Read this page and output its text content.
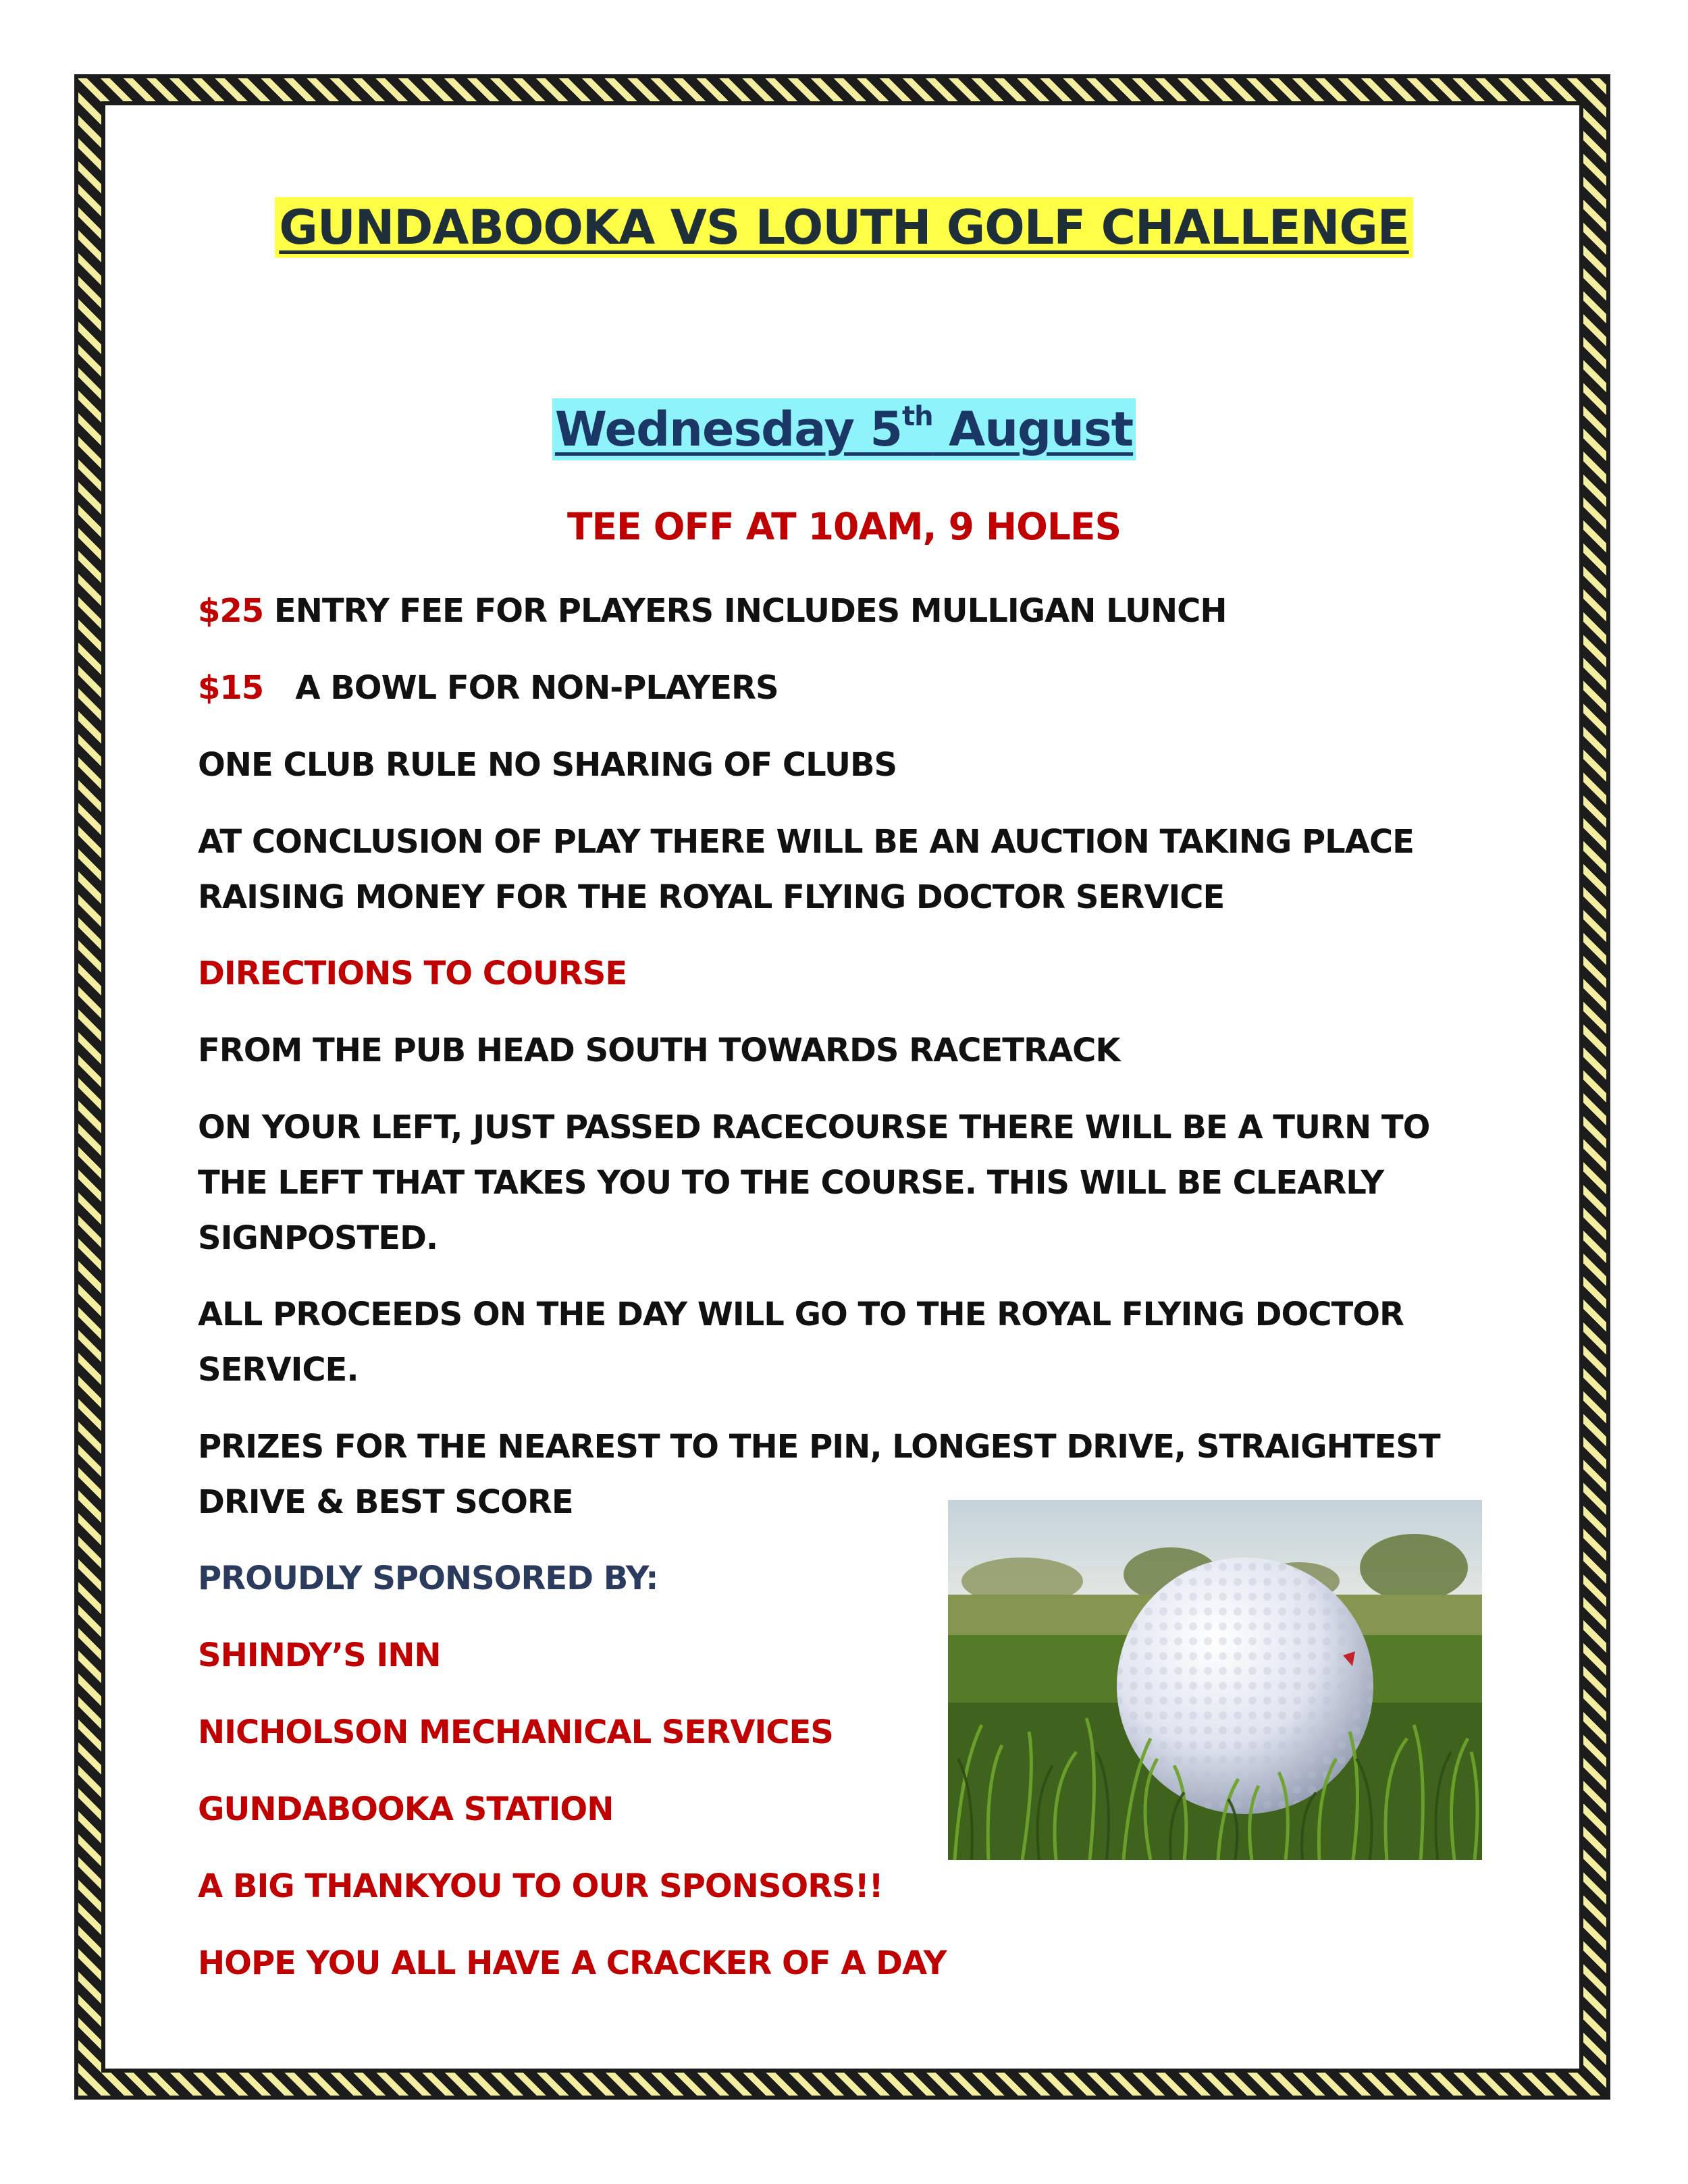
GUNDABOOKA VS LOUTH GOLF CHALLENGE
Wednesday 5th August
TEE OFF AT 10AM, 9 HOLES

$25 ENTRY FEE FOR PLAYERS INCLUDES MULLIGAN LUNCH

$15   A BOWL FOR NON-PLAYERS

ONE CLUB RULE NO SHARING OF CLUBS

AT CONCLUSION OF PLAY THERE WILL BE AN AUCTION TAKING PLACE RAISING MONEY FOR THE ROYAL FLYING DOCTOR SERVICE

DIRECTIONS TO COURSE

FROM THE PUB HEAD SOUTH TOWARDS RACETRACK

ON YOUR LEFT, JUST PASSED RACECOURSE THERE WILL BE A TURN TO THE LEFT THAT TAKES YOU TO THE COURSE. THIS WILL BE CLEARLY SIGNPOSTED.

ALL PROCEEDS ON THE DAY WILL GO TO THE ROYAL FLYING DOCTOR SERVICE.

PRIZES FOR THE NEAREST TO THE PIN, LONGEST DRIVE, STRAIGHTEST DRIVE & BEST SCORE

PROUDLY SPONSORED BY:

SHINDY’S INN

NICHOLSON MECHANICAL SERVICES

GUNDABOOKA STATION

A BIG THANKYOU TO OUR SPONSORS!!

HOPE YOU ALL HAVE A CRACKER OF A DAY
